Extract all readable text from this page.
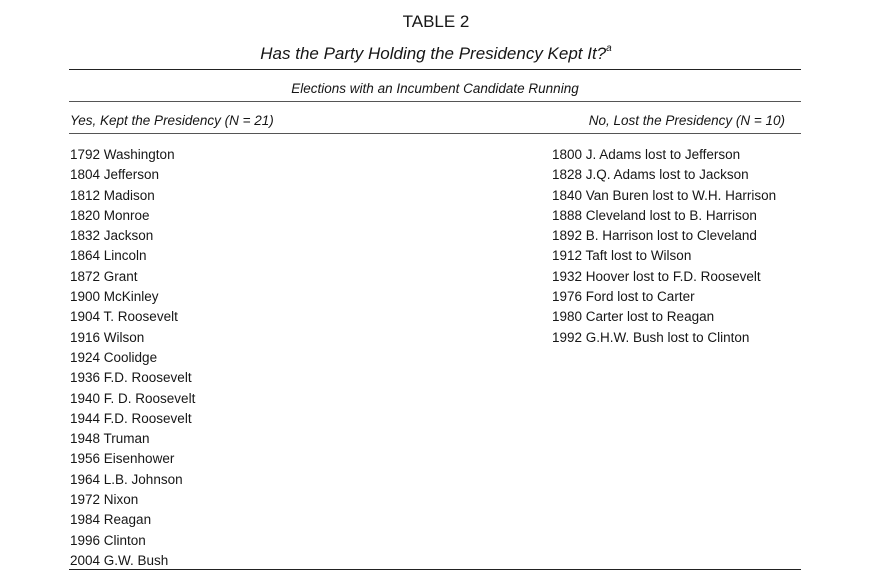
TABLE 2
Has the Party Holding the Presidency Kept It?$^a$
Elections with an Incumbent Candidate Running
Yes, Kept the Presidency (N = 21)	No, Lost the Presidency (N = 10)
1792 Washington
1804 Jefferson
1812 Madison
1820 Monroe
1832 Jackson
1864 Lincoln
1872 Grant
1900 McKinley
1904 T. Roosevelt
1916 Wilson
1924 Coolidge
1936 F.D. Roosevelt
1940 F. D. Roosevelt
1944 F.D. Roosevelt
1948 Truman
1956 Eisenhower
1964 L.B. Johnson
1972 Nixon
1984 Reagan
1996 Clinton
2004 G.W. Bush
1800 J. Adams lost to Jefferson
1828 J.Q. Adams lost to Jackson
1840 Van Buren lost to W.H. Harrison
1888 Cleveland lost to B. Harrison
1892 B. Harrison lost to Cleveland
1912 Taft lost to Wilson
1932 Hoover lost to F.D. Roosevelt
1976 Ford lost to Carter
1980 Carter lost to Reagan
1992 G.H.W. Bush lost to Clinton
